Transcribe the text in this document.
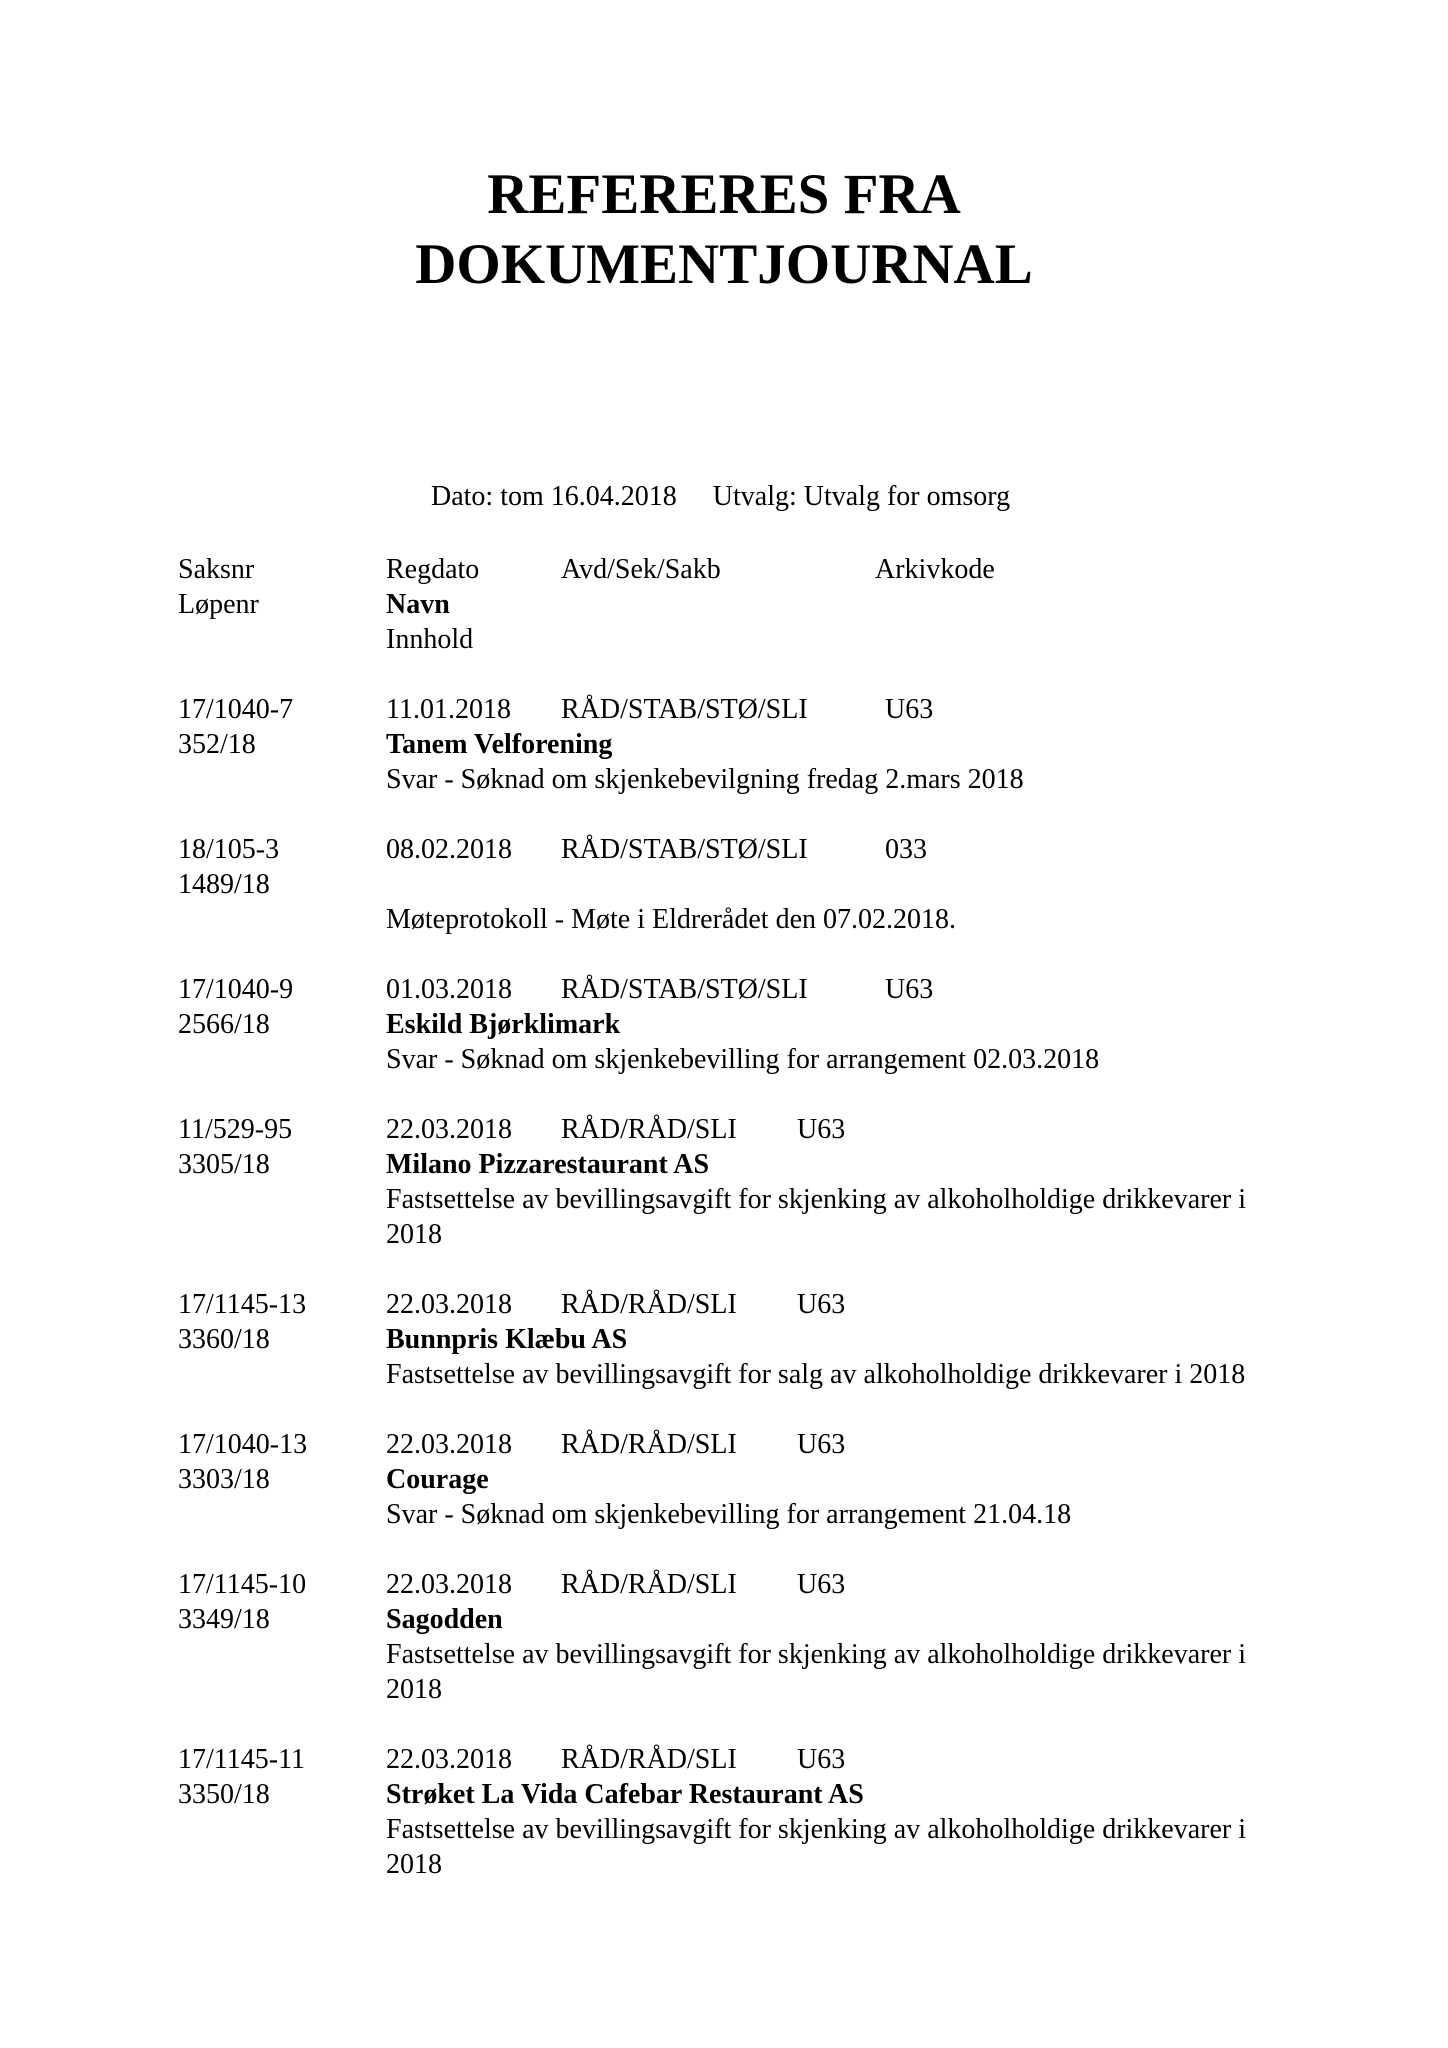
REFERERES FRA
DOKUMENTJOURNAL
Dato: tom 16.04.2018 Utvalg: Utvalg for omsorg
Saksnr	Regdato	Avd/Sek/Sakb	Arkivkode
Løpenr	Navn
Innhold
17/1040-7	11.01.2018 RÅD/STAB/STØ/SLI	U63
352/18	Tanem Velforening
Svar - Søknad om skjenkebevilgning fredag 2.mars 2018
18/105-3	08.02.2018 RÅD/STAB/STØ/SLI	033
1489/18
Møteprotokoll - Møte i Eldrerådet den 07.02.2018.
17/1040-9	01.03.2018 RÅD/STAB/STØ/SLI	U63
2566/18	Eskild Bjørklimark
Svar - Søknad om skjenkebevilling for arrangement 02.03.2018
11/529-95	22.03.2018 RÅD/RÅD/SLI U63
3305/18	Milano Pizzarestaurant AS
Fastsettelse av bevillingsavgift for skjenking av alkoholholdige drikkevarer i 2018
17/1145-13	22.03.2018 RÅD/RÅD/SLI U63
3360/18	Bunnpris Klæbu AS
Fastsettelse av bevillingsavgift for salg av alkoholholdige drikkevarer i 2018
17/1040-13	22.03.2018 RÅD/RÅD/SLI U63
3303/18	Courage
Svar - Søknad om skjenkebevilling for arrangement 21.04.18
17/1145-10	22.03.2018 RÅD/RÅD/SLI U63
3349/18	Sagodden
Fastsettelse av bevillingsavgift for skjenking av alkoholholdige drikkevarer i 2018
17/1145-11	22.03.2018 RÅD/RÅD/SLI U63
3350/18	Strøket La Vida Cafebar Restaurant AS
Fastsettelse av bevillingsavgift for skjenking av alkoholholdige drikkevarer i 2018
